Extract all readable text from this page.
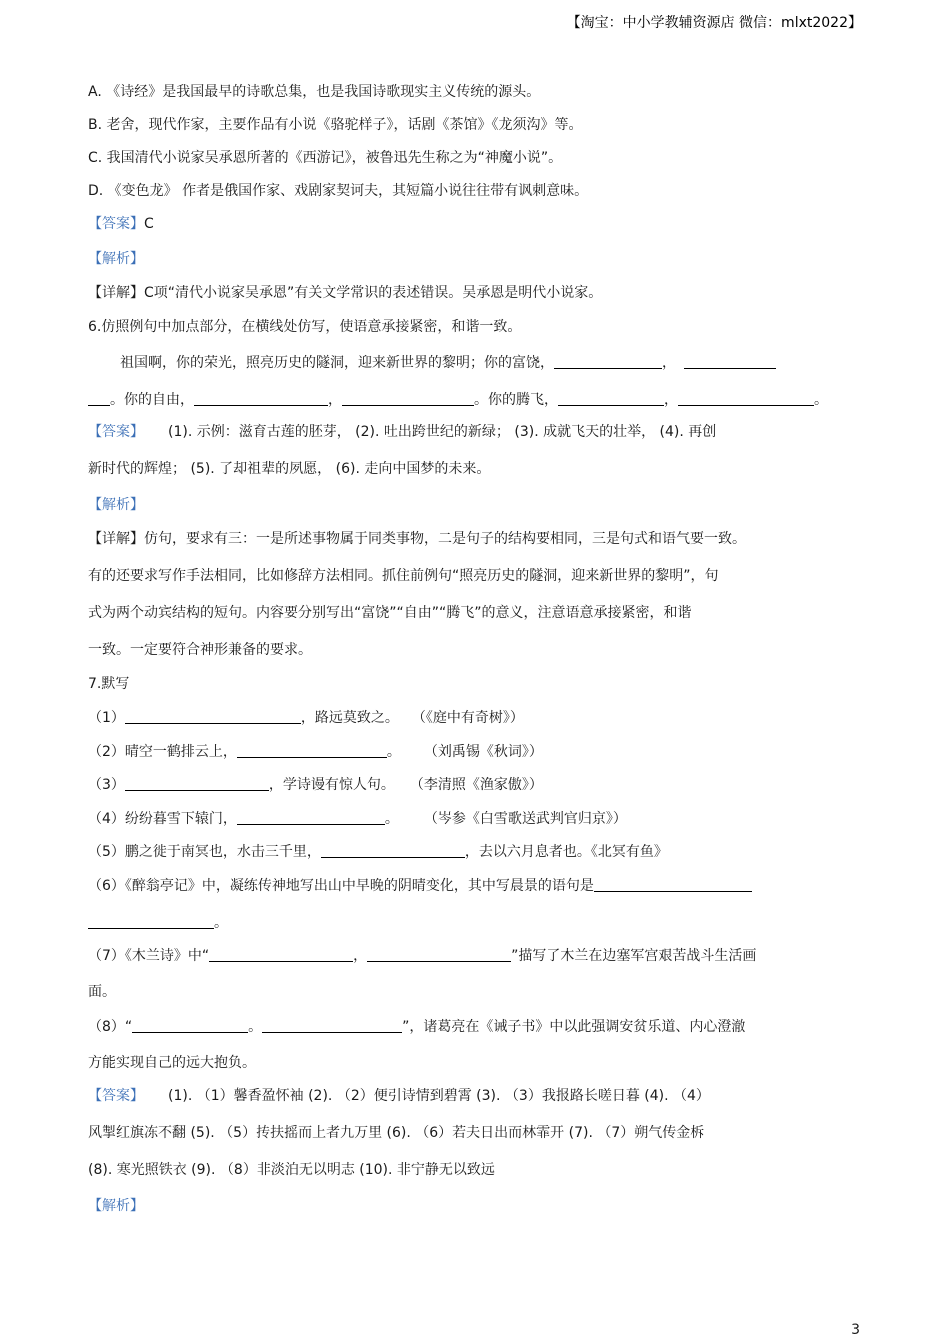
【淘宝：中小学教辅资源店 微信：mlxt2022】
A. 《诗经》是我国最早的诗歌总集，也是我国诗歌现实主义传统的源头。
B. 老舍，现代作家，主要作品有小说《骆驼样子》，话剧《茶馆》《龙须沟》等。
C. 我国清代小说家吴承恩所著的《西游记》，被鲁迅先生称之为“神魔小说”。
D. 《变色龙》 作者是俄国作家、戏剧家契诃夫，其短篇小说往往带有讽刺意味。
【答案】C
【解析】
【详解】C项“清代小说家吴承恩”有关文学常识的表述错误。吴承恩是明代小说家。
6.仿照例句中加点部分，在横线处仿写，使语意承接紧密，和谐一致。
祖国啊，你的荣光，照亮历史的隧洞，迎来新世界的黎明；你的富饶，	，
。你的自由，	，	。你的腾飞，	，	。
【答案】 (1). 示例：滋育古莲的胚芽， (2). 吐出跨世纪的新绿； (3). 成就飞天的壮举， (4). 再创
新时代的辉煌； (5). 了却祖辈的夙愿， (6). 走向中国梦的未来。
【解析】
【详解】仿句，要求有三：一是所述事物属于同类事物，二是句子的结构要相同，三是句式和语气要一致。
有的还要求写作手法相同，比如修辞方法相同。抓住前例句“照亮历史的隧洞，迎来新世界的黎明”，句
式为两个动宾结构的短句。内容要分别写出“富饶”“自由”“腾飞”的意义，注意语意承接紧密，和谐
一致。一定要符合神形兼备的要求。
7.默写
（1）	，路远莫致之。 （《庭中有奇树》）
（2）晴空一鹤排云上，	。 （刘禹锡《秋词》）
（3）	，学诗谩有惊人句。 （李清照《渔家傲》）
（4）纷纷暮雪下辕门，	。 （岑参《白雪歌送武判官归京》）
（5）鹏之徙于南冥也，水击三千里，	，去以六月息者也。《北冥有鱼》
（6）《醉翁亭记》中，凝练传神地写出山中早晚的阴晴变化，其中写晨景的语句是
。
（7）《木兰诗》中“	，	”描写了木兰在边塞军宫艰苦战斗生活画
面。
（8）“	。	”，诸葛亮在《诫子书》中以此强调安贫乐道、内心澄澈
方能实现自己的远大抱负。
【答案】 (1). （1）馨香盈怀袖 (2). （2）便引诗情到碧霄 (3). （3）我报路长嗟日暮 (4). （4）
风掣红旗冻不翻 (5). （5）抟扶摇而上者九万里 (6). （6）若夫日出而林霏开 (7). （7）朔气传金柝
(8). 寒光照铁衣 (9). （8）非淡泊无以明志 (10). 非宁静无以致远
【解析】
3
